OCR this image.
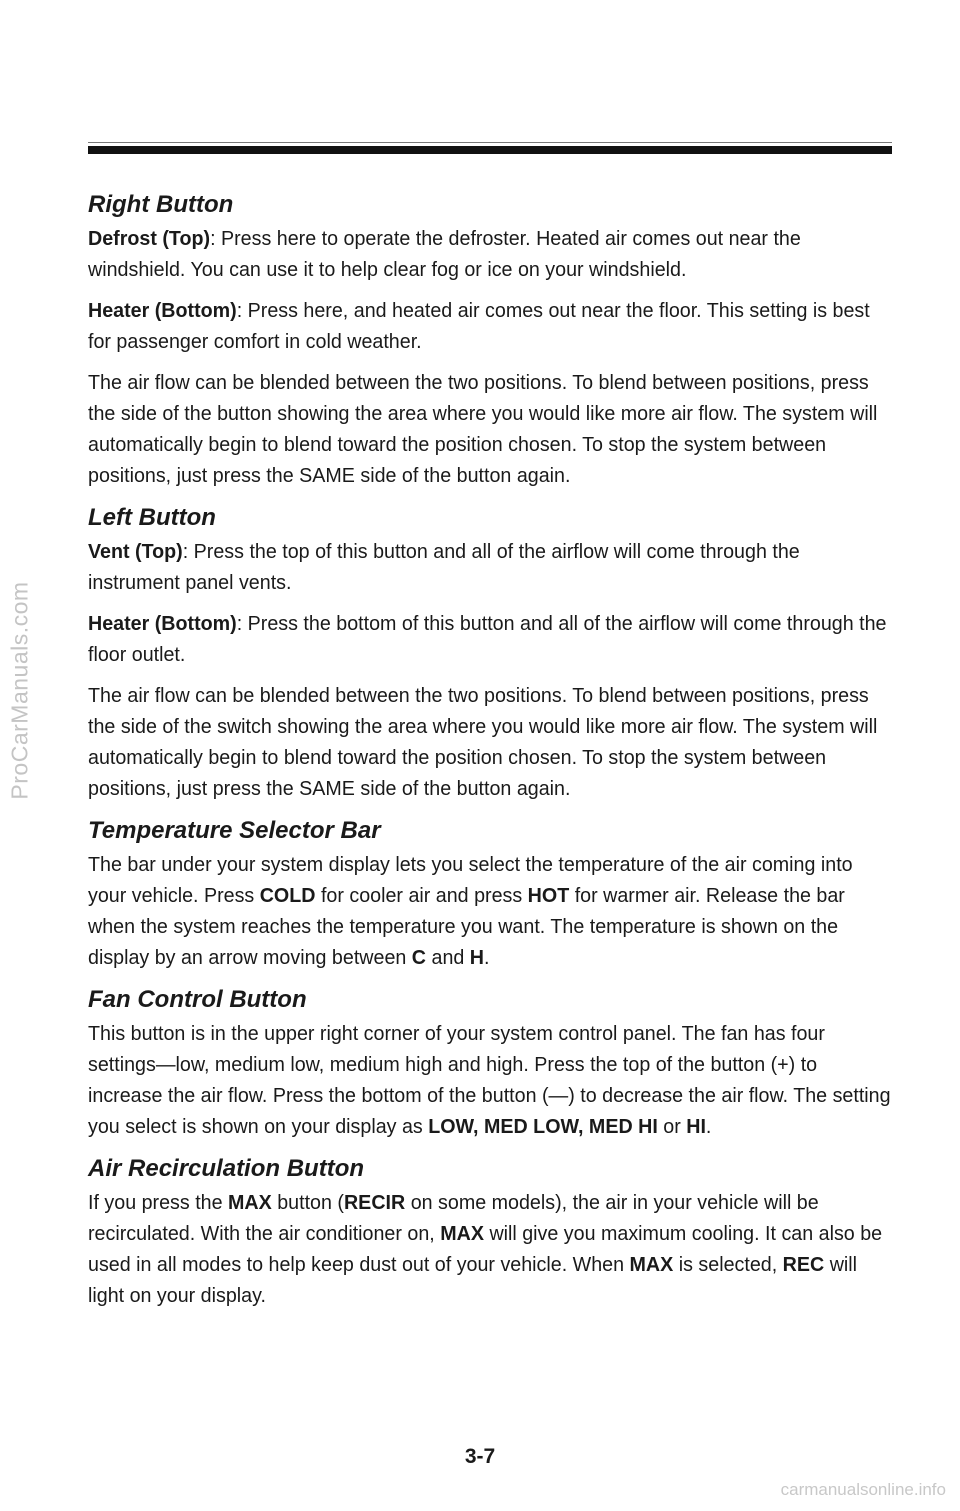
ProCarManuals.com
Right Button

Defrost (Top): Press here to operate the defroster. Heated air comes out near the windshield. You can use it to help clear fog or ice on your windshield.

Heater (Bottom): Press here, and heated air comes out near the floor. This setting is best for passenger comfort in cold weather.

The air flow can be blended between the two positions. To blend between positions, press the side of the button showing the area where you would like more air flow. The system will automatically begin to blend toward the position chosen. To stop the system between positions, just press the SAME side of the button again.

Left Button

Vent (Top): Press the top of this button and all of the airflow will come through the instrument panel vents.

Heater (Bottom): Press the bottom of this button and all of the airflow will come through the floor outlet.

The air flow can be blended between the two positions. To blend between positions, press the side of the switch showing the area where you would like more air flow. The system will automatically begin to blend toward the position chosen. To stop the system between positions, just press the SAME side of the button again.

Temperature Selector Bar

The bar under your system display lets you select the temperature of the air coming into your vehicle. Press COLD for cooler air and press HOT for warmer air. Release the bar when the system reaches the temperature you want. The temperature is shown on the display by an arrow moving between C and H.

Fan Control Button

This button is in the upper right corner of your system control panel. The fan has four settings—low, medium low, medium high and high. Press the top of the button (+) to increase the air flow. Press the bottom of the button (—) to decrease the air flow. The setting you select is shown on your display as LOW, MED LOW, MED HI or HI.

Air Recirculation Button

If you press the MAX button (RECIR on some models), the air in your vehicle will be recirculated. With the air conditioner on, MAX will give you maximum cooling. It can also be used in all modes to help keep dust out of your vehicle. When MAX is selected, REC will light on your display.

3-7
carmanualsonline.info
